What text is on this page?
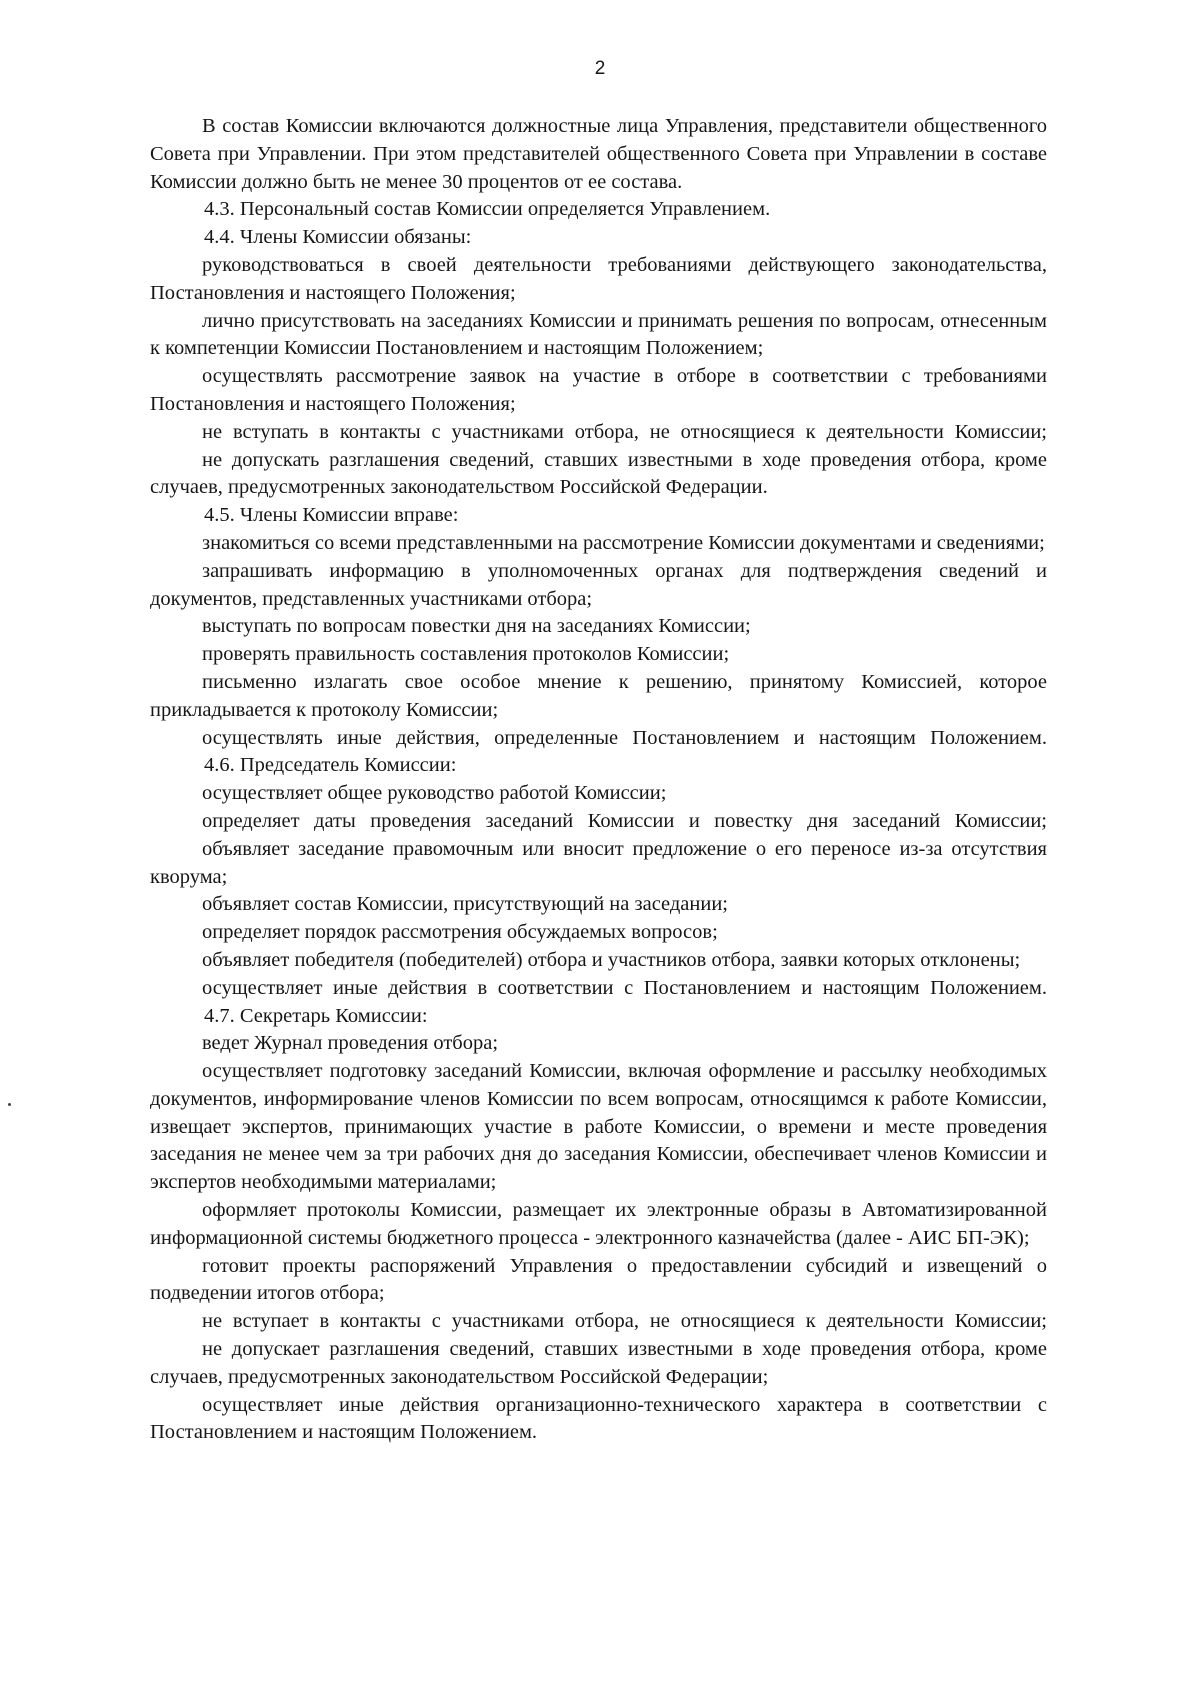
2

В состав Комиссии включаются должностные лица Управления, представители общественного Совета при Управлении. При этом представителей общественного Совета при Управлении в составе Комиссии должно быть не менее 30 процентов от ее состава.

4.3. Персональный состав Комиссии определяется Управлением.

4.4. Члены Комиссии обязаны:

руководствоваться в своей деятельности требованиями действующего законодательства, Постановления и настоящего Положения;

лично присутствовать на заседаниях Комиссии и принимать решения по вопросам, отнесенным к компетенции Комиссии Постановлением и настоящим Положением;

осуществлять рассмотрение заявок на участие в отборе в соответствии с требованиями Постановления и настоящего Положения;

не вступать в контакты с участниками отбора, не относящиеся к деятельности Комиссии;

не допускать разглашения сведений, ставших известными в ходе проведения отбора, кроме случаев, предусмотренных законодательством Российской Федерации.

4.5. Члены Комиссии вправе:

знакомиться со всеми представленными на рассмотрение Комиссии документами и сведениями;

запрашивать информацию в уполномоченных органах для подтверждения сведений и документов, представленных участниками отбора;

выступать по вопросам повестки дня на заседаниях Комиссии;

проверять правильность составления протоколов Комиссии;

письменно излагать свое особое мнение к решению, принятому Комиссией, которое прикладывается к протоколу Комиссии;

осуществлять иные действия, определенные Постановлением и настоящим Положением.

4.6. Председатель Комиссии:

осуществляет общее руководство работой Комиссии;

определяет даты проведения заседаний Комиссии и повестку дня заседаний Комиссии;

объявляет заседание правомочным или вносит предложение о его переносе из-за отсутствия кворума;

объявляет состав Комиссии, присутствующий на заседании;

определяет порядок рассмотрения обсуждаемых вопросов;

объявляет победителя (победителей) отбора и участников отбора, заявки которых отклонены;

осуществляет иные действия в соответствии с Постановлением и настоящим Положением.

4.7. Секретарь Комиссии:

ведет Журнал проведения отбора;

осуществляет подготовку заседаний Комиссии, включая оформление и рассылку необходимых документов, информирование членов Комиссии по всем вопросам, относящимся к работе Комиссии, извещает экспертов, принимающих участие в работе Комиссии, о времени и месте проведения заседания не менее чем за три рабочих дня до заседания Комиссии, обеспечивает членов Комиссии и экспертов необходимыми материалами;

оформляет протоколы Комиссии, размещает их электронные образы в Автоматизированной информационной системы бюджетного процесса - электронного казначейства (далее - АИС БП-ЭК);

готовит проекты распоряжений Управления о предоставлении субсидий и извещений о подведении итогов отбора;

не вступает в контакты с участниками отбора, не относящиеся к деятельности Комиссии;

не допускает разглашения сведений, ставших известными в ходе проведения отбора, кроме случаев, предусмотренных законодательством Российской Федерации;

осуществляет иные действия организационно-технического характера в соответствии с Постановлением и настоящим Положением.
